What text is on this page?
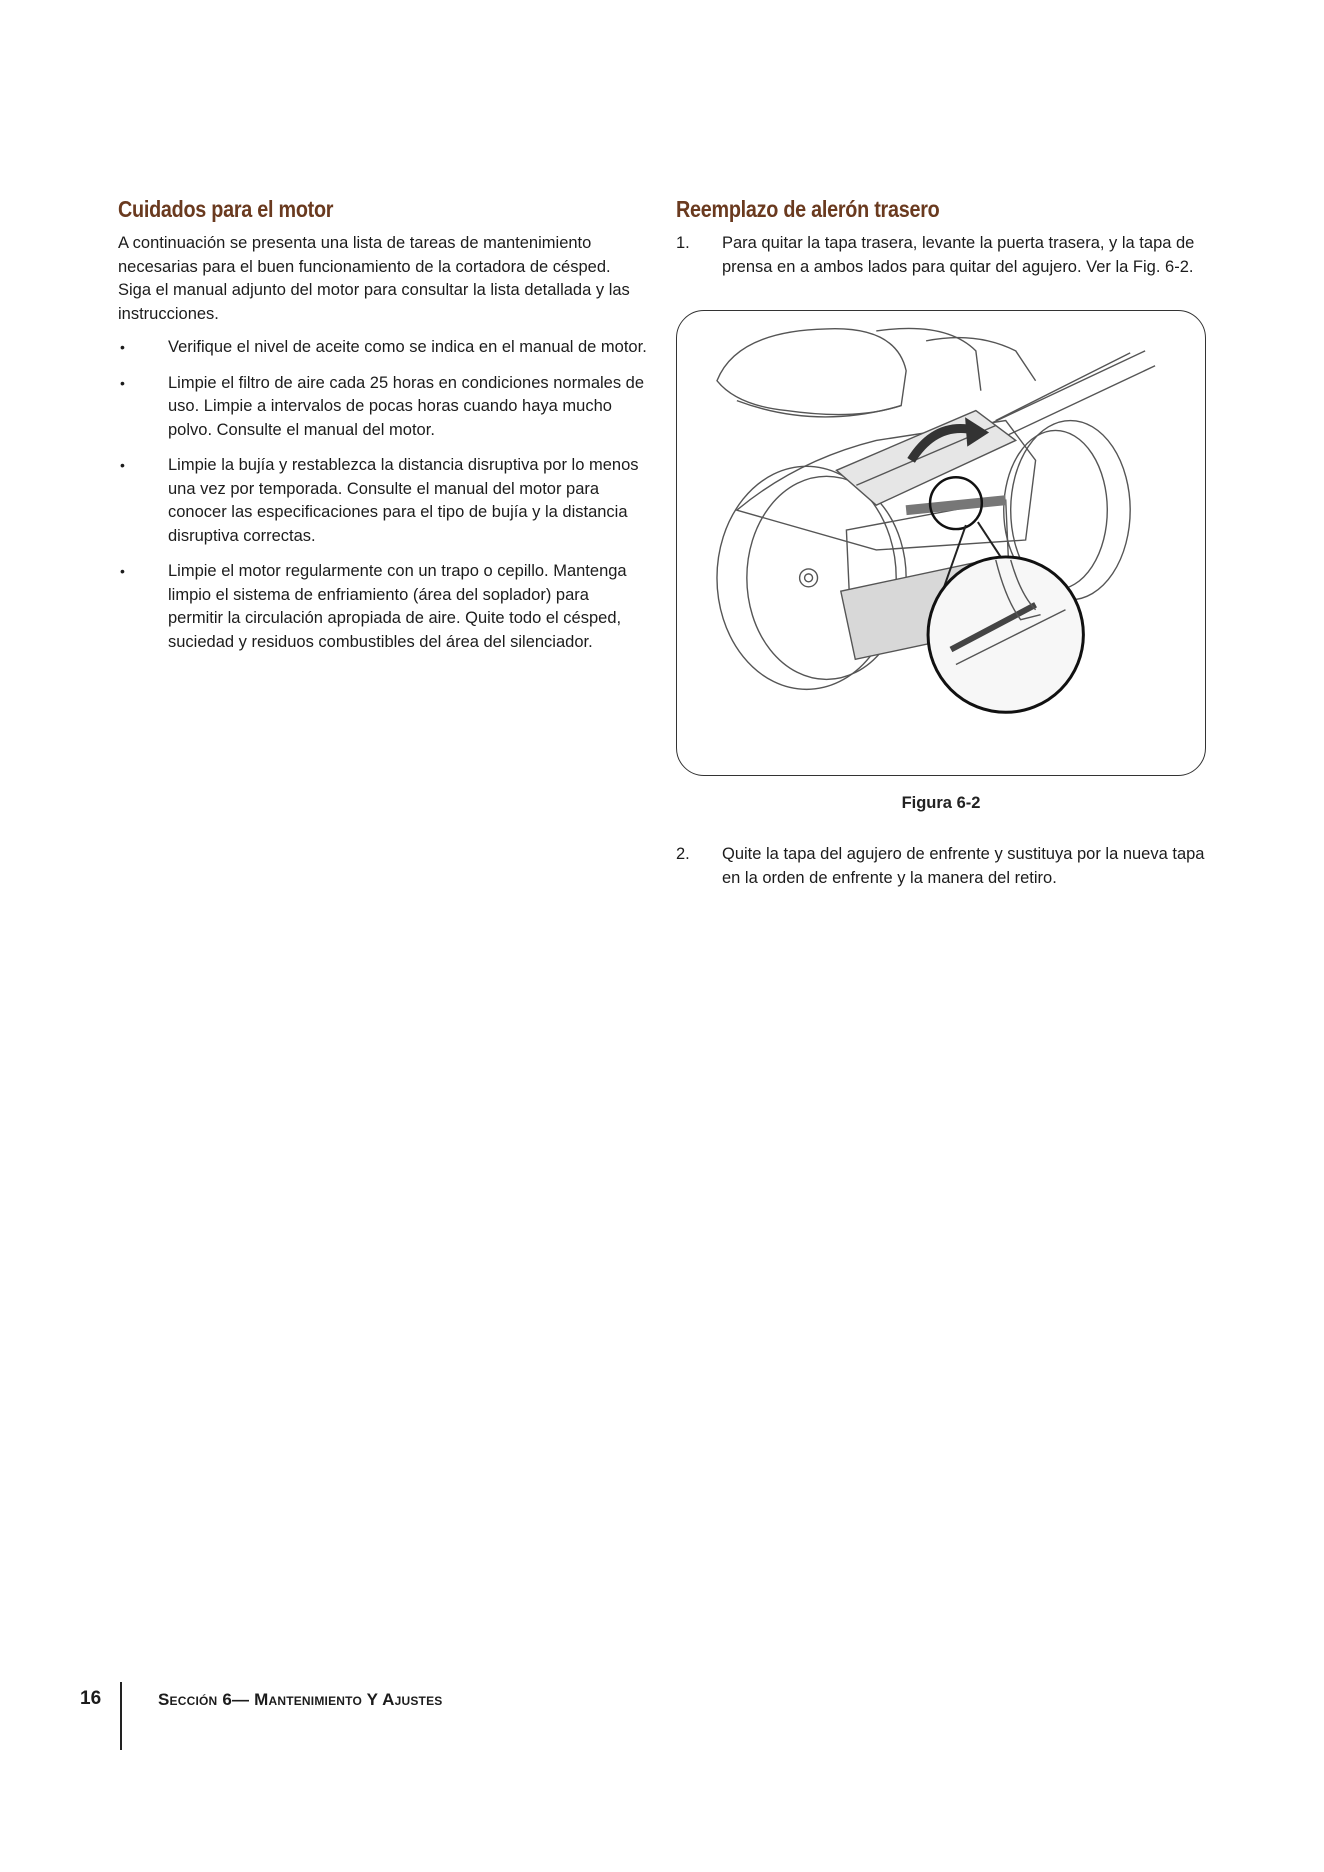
Cuidados para el motor

A continuación se presenta una lista de tareas de mantenimiento necesarias para el buen funcionamiento de la cortadora de césped. Siga el manual adjunto del motor para consultar la lista detallada y las instrucciones.

•	Verifique el nivel de aceite como se indica en el manual de motor.
•	Limpie el filtro de aire cada 25 horas en condiciones normales de uso. Limpie a intervalos de pocas horas cuando haya mucho polvo. Consulte el manual del motor.
•	Limpie la bujía y restablezca la distancia disruptiva por lo menos una vez por temporada. Consulte el manual del motor para conocer las especificaciones para el tipo de bujía y la distancia disruptiva correctas.
•	Limpie el motor regularmente con un trapo o cepillo. Mantenga limpio el sistema de enfriamiento (área del soplador) para permitir la circulación apropiada de aire. Quite todo el césped, suciedad y residuos combustibles del área del silenciador.
Reemplazo de alerón trasero
1. Para quitar la tapa trasera, levante la puerta trasera, y la tapa de prensa en a ambos lados para quitar del agujero. Ver la Fig. 6-2.
Figura 6-2
2. Quite la tapa del agujero de enfrente y sustituya por la nueva tapa en la orden de enfrente y la manera del retiro.
16	Sección 6— Mantenimiento Y Ajustes
